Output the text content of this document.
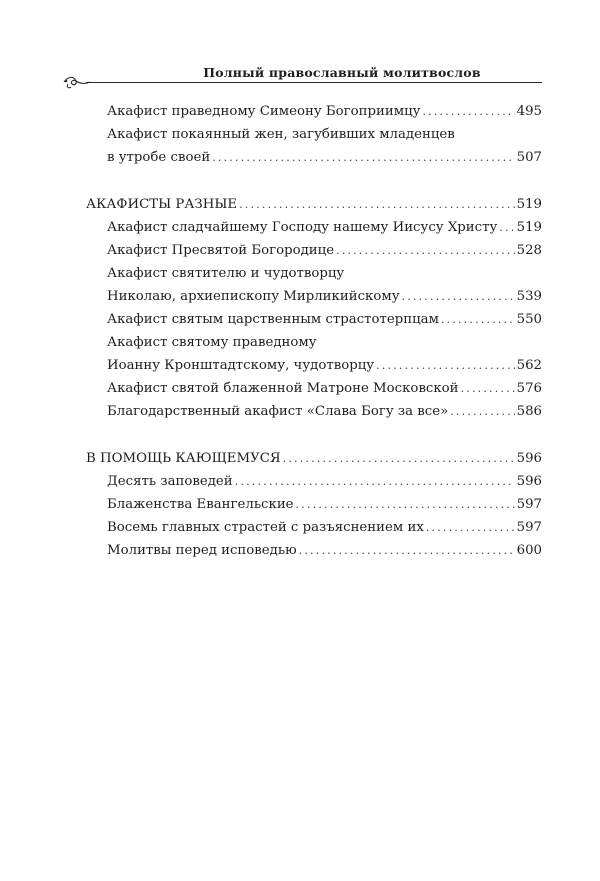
Полный православный молитвослов
Акафист праведному Симеону Богоприимцу .....	495
Акафист покаянный жен, загубивших младенцев
в утробе своей .....	507
АКАФИСТЫ РАЗНЫЕ .....	519
Акафист сладчайшему Господу нашему Иисусу Христу ..... 519
Акафист Пресвятой Богородице .....	528
Акафист святителю и чудотворцу
Николаю, архиепископу Мирликийскому .....	539
Акафист святым царственным страстотерпцам .....	550
Акафист святому праведному
Иоанну Кронштадтскому, чудотворцу .....	562
Акафист святой блаженной Матроне Московской .....	576
Благодарственный акафист «Слава Богу за все» .....	586
В ПОМОЩЬ КАЮЩЕМУСЯ .....	596
Десять заповедей .....	596
Блаженства Евангельские .....	597
Восемь главных страстей с разъяснением их .....	597
Молитвы перед исповедью .....	600
